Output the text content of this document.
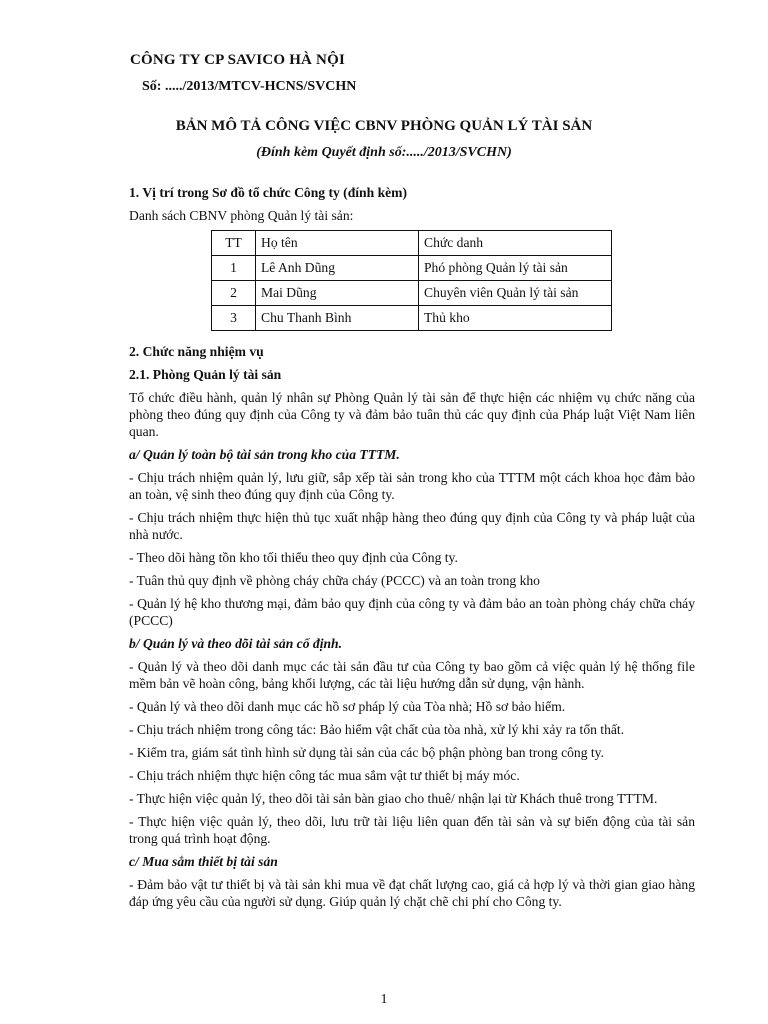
CÔNG TY CP SAVICO HÀ NỘI
Số: ...../2013/MTCV-HCNS/SVCHN
BẢN MÔ TẢ CÔNG VIỆC CBNV PHÒNG QUẢN LÝ TÀI SẢN
(Đính kèm Quyết định số:...../2013/SVCHN)
1. Vị trí trong Sơ đồ tổ chức Công ty (đính kèm)
Danh sách CBNV phòng Quản lý tài sản:
TT	Họ tên	Chức danh
1	Lê Anh Dũng	Phó phòng Quản lý tài sản
2	Mai Dũng	Chuyên viên Quản lý tài sản
3	Chu Thanh Bình	Thủ kho
2. Chức năng nhiệm vụ
2.1. Phòng Quản lý tài sản
Tổ chức điều hành, quản lý nhân sự Phòng Quản lý tài sản để thực hiện các nhiệm vụ chức năng của phòng theo đúng quy định của Công ty và đảm bảo tuân thủ các quy định của Pháp luật Việt Nam liên quan.
a/ Quản lý toàn bộ tài sản trong kho của TTTM.
- Chịu trách nhiệm quản lý, lưu giữ, sắp xếp tài sản trong kho của TTTM một cách khoa học đảm bảo an toàn, vệ sinh theo đúng quy định của Công ty.
- Chịu trách nhiệm thực hiện thủ tục xuất nhập hàng theo đúng quy định của Công ty và pháp luật của nhà nước.
- Theo dõi hàng tồn kho tối thiểu theo quy định của Công ty.
- Tuân thủ quy định về phòng cháy chữa cháy (PCCC) và an toàn trong kho
- Quản lý hệ kho thương mại, đảm bảo quy định của công ty và đảm bảo an toàn phòng cháy chữa cháy (PCCC)
b/ Quản lý và theo dõi tài sản cố định.
- Quản lý và theo dõi danh mục các tài sản đầu tư của Công ty bao gồm cả việc quản lý hệ thống file mềm bản vẽ hoàn công, bảng khối lượng, các tài liệu hướng dẫn sử dụng, vận hành.
- Quản lý và theo dõi danh mục các hồ sơ pháp lý của Tòa nhà; Hồ sơ bảo hiểm.
- Chịu trách nhiệm trong công tác: Bảo hiểm vật chất của tòa nhà, xử lý khi xảy ra tổn thất.
- Kiểm tra, giám sát tình hình sử dụng tài sản của các bộ phận phòng ban trong công ty.
- Chịu trách nhiệm thực hiện công tác mua sắm vật tư thiết bị máy móc.
- Thực hiện việc quản lý, theo dõi tài sản bàn giao cho thuê/ nhận lại từ Khách thuê trong TTTM.
- Thực hiện việc quản lý, theo dõi, lưu trữ tài liệu liên quan đến tài sản và sự biến động của tài sản trong quá trình hoạt động.
c/ Mua sắm thiết bị tài sản
- Đảm bảo vật tư thiết bị và tài sản khi mua về đạt chất lượng cao, giá cả hợp lý và thời gian giao hàng đáp ứng yêu cầu của người sử dụng. Giúp quản lý chặt chẽ chi phí cho Công ty.
1
